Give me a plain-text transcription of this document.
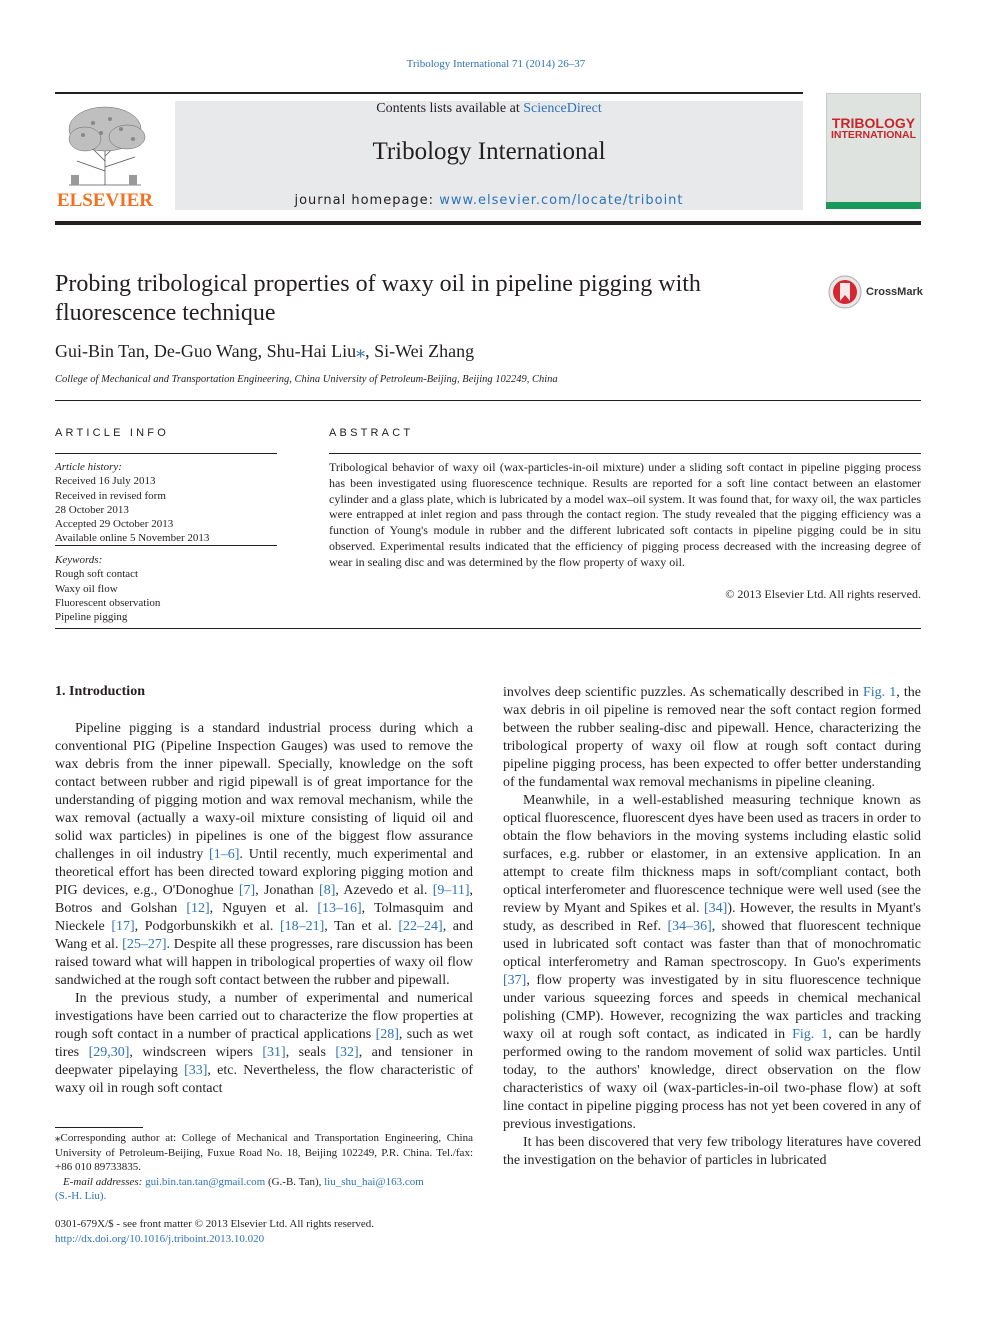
Tribology International 71 (2014) 26–37
Contents lists available at ScienceDirect
Tribology International
journal homepage: www.elsevier.com/locate/triboint
ELSEVIER
TRIBOLOGY
INTERNATIONAL
Probing tribological properties of waxy oil in pipeline pigging with fluorescence technique
CrossMark
Gui-Bin Tan, De-Guo Wang, Shu-Hai Liu⁎, Si-Wei Zhang
College of Mechanical and Transportation Engineering, China University of Petroleum-Beijing, Beijing 102249, China
ARTICLE INFO
Article history:
Received 16 July 2013
Received in revised form
28 October 2013
Accepted 29 October 2013
Available online 5 November 2013
Keywords:
Rough soft contact
Waxy oil flow
Fluorescent observation
Pipeline pigging
ABSTRACT
Tribological behavior of waxy oil (wax-particles-in-oil mixture) under a sliding soft contact in pipeline pigging process has been investigated using fluorescence technique. Results are reported for a soft line contact between an elastomer cylinder and a glass plate, which is lubricated by a model wax–oil system. It was found that, for waxy oil, the wax particles were entrapped at inlet region and pass through the contact region. The study revealed that the pigging efficiency was a function of Young's module in rubber and the different lubricated soft contacts in pipeline pigging could be in situ observed. Experimental results indicated that the efficiency of pigging process decreased with the increasing degree of wear in sealing disc and was determined by the flow property of waxy oil.
© 2013 Elsevier Ltd. All rights reserved.
1. Introduction

Pipeline pigging is a standard industrial process during which a conventional PIG (Pipeline Inspection Gauges) was used to remove the wax debris from the inner pipewall. Specially, knowledge on the soft contact between rubber and rigid pipewall is of great importance for the understanding of pigging motion and wax removal mechanism, while the wax removal (actually a waxy-oil mixture consisting of liquid oil and solid wax particles) in pipelines is one of the biggest flow assurance challenges in oil industry [1–6]. Until recently, much experimental and theoretical effort has been directed toward exploring pigging motion and PIG devices, e.g., O'Donoghue [7], Jonathan [8], Azevedo et al. [9–11], Botros and Golshan [12], Nguyen et al. [13–16], Tolmasquim and Nieckele [17], Podgorbunskikh et al. [18–21], Tan et al. [22–24], and Wang et al. [25–27]. Despite all these progresses, rare discussion has been raised toward what will happen in tribological properties of waxy oil flow sandwiched at the rough soft contact between the rubber and pipewall.

In the previous study, a number of experimental and numerical investigations have been carried out to characterize the flow properties at rough soft contact in a number of practical applications [28], such as wet tires [29,30], windscreen wipers [31], seals [32], and tensioner in deepwater pipelaying [33], etc. Nevertheless, the flow characteristic of waxy oil in rough soft contact

involves deep scientific puzzles. As schematically described in Fig. 1, the wax debris in oil pipeline is removed near the soft contact region formed between the rubber sealing-disc and pipewall. Hence, characterizing the tribological property of waxy oil flow at rough soft contact during pipeline pigging process, has been expected to offer better understanding of the fundamental wax removal mechanisms in pipeline cleaning.

Meanwhile, in a well-established measuring technique known as optical fluorescence, fluorescent dyes have been used as tracers in order to obtain the flow behaviors in the moving systems including elastic solid surfaces, e.g. rubber or elastomer, in an extensive application. In an attempt to create film thickness maps in soft/compliant contact, both optical interferometer and fluorescence technique were well used (see the review by Myant and Spikes et al. [34]). However, the results in Myant's study, as described in Ref. [34–36], showed that fluorescent technique used in lubricated soft contact was faster than that of monochromatic optical interferometry and Raman spectroscopy. In Guo's experiments [37], flow property was investigated by in situ fluorescence technique under various squeezing forces and speeds in chemical mechanical polishing (CMP). However, recognizing the wax particles and tracking waxy oil at rough soft contact, as indicated in Fig. 1, can be hardly performed owing to the random movement of solid wax particles. Until today, to the authors' knowledge, direct observation on the flow characteristics of waxy oil (wax-particles-in-oil two-phase flow) at soft line contact in pipeline pigging process has not yet been covered in any of previous investigations.

It has been discovered that very few tribology literatures have covered the investigation on the behavior of particles in lubricated

⁎Corresponding author at: College of Mechanical and Transportation Engineering, China University of Petroleum-Beijing, Fuxue Road No. 18, Beijing 102249, P.R. China. Tel./fax: +86 010 89733835.
E-mail addresses: gui.bin.tan.tan@gmail.com (G.-B. Tan), liu_shu_hai@163.com
(S.-H. Liu).
0301-679X/$ - see front matter © 2013 Elsevier Ltd. All rights reserved.
http://dx.doi.org/10.1016/j.triboint.2013.10.020
